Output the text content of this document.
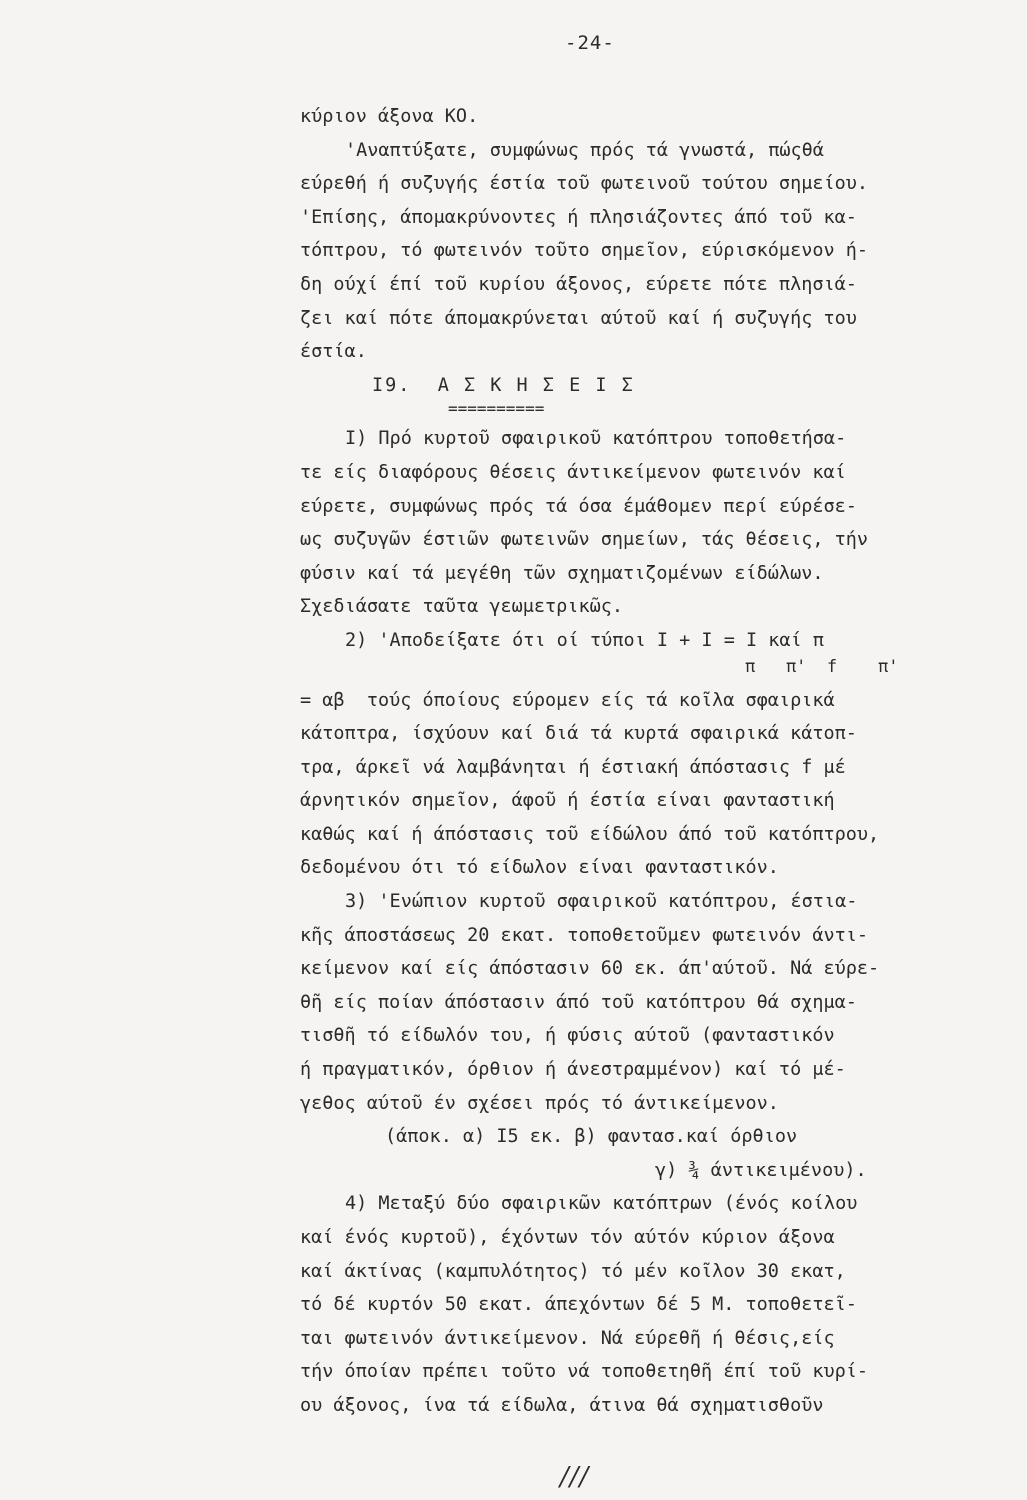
-24-
κύριον άξονα ΚΟ.
'Αναπτύξατε, συμφώνως πρός τά γνωστά, πώςθά
εύρεθή ή συζυγής έστία τοῦ φωτεινοῦ τούτου σημείου.
'Επίσης, άπομακρύνοντες ή πλησιάζοντες άπό τοῦ κα-
τόπτρου, τό φωτεινόν τοῦτο σημεῖον, εύρισκόμενον ή-
δη ούχί έπί τοῦ κυρίου άξονος, εύρετε πότε πλησιά-
ζει καί πότε άπομακρύνεται αύτοῦ καί ή συζυγής του
έστία.
Ι9.  Α Σ Κ Η Σ Ε Ι Σ
==========
Ι) Πρό κυρτοῦ σφαιρικοῦ κατόπτρου τοποθετήσα-
τε είς διαφόρους θέσεις άντικείμενον φωτεινόν καί
εύρετε, συμφώνως πρός τά όσα έμάθομεν περί εύρέσε-
ως συζυγῶν έστιῶν φωτεινῶν σημείων, τάς θέσεις, τήν
φύσιν καί τά μεγέθη τῶν σχηματιζομένων είδώλων.
Σχεδιάσατε ταῦτα γεωμετρικῶς.
2) 'Αποδείξατε ότι οί τύποι Ι + Ι = Ι καί π
π   π'  f    π'
= αβ  τούς όποίους εύρομεν είς τά κοῖλα σφαιρικά
κάτοπτρα, ίσχύουν καί διά τά κυρτά σφαιρικά κάτοπ-
τρα, άρκεῖ νά λαμβάνηται ή έστιακή άπόστασις f μέ
άρνητικόν σημεῖον, άφοῦ ή έστία είναι φανταστική
καθώς καί ή άπόστασις τοῦ είδώλου άπό τοῦ κατόπτρου,
δεδομένου ότι τό είδωλον είναι φανταστικόν.
3) 'Ενώπιον κυρτοῦ σφαιρικοῦ κατόπτρου, έστια-
κῆς άποστάσεως 20 εκατ. τοποθετοῦμεν φωτεινόν άντι-
κείμενον καί είς άπόστασιν 60 εκ. άπ'αύτοῦ. Νά εύρε-
θῆ είς ποίαν άπόστασιν άπό τοῦ κατόπτρου θά σχημα-
τισθῆ τό είδωλόν του, ή φύσις αύτοῦ (φανταστικόν
ή πραγματικόν, όρθιον ή άνεστραμμένον) καί τό μέ-
γεθος αύτοῦ έν σχέσει πρός τό άντικείμενον.
(άποκ. α) Ι5 εκ. β) φαντασ.καί όρθιον
γ) ¾ άντικειμένου).
4) Μεταξύ δύο σφαιρικῶν κατόπτρων (ένός κοίλου
καί ένός κυρτοῦ), έχόντων τόν αύτόν κύριον άξονα
καί άκτίνας (καμπυλότητος) τό μέν κοῖλον 30 εκατ,
τό δέ κυρτόν 50 εκατ. άπεχόντων δέ 5 Μ. τοποθετεῖ-
ται φωτεινόν άντικείμενον. Νά εύρεθῆ ή θέσις,είς
τήν όποίαν πρέπει τοῦτο νά τοποθετηθῆ έπί τοῦ κυρί-
ου άξονος, ίνα τά είδωλα, άτινα θά σχηματισθοῦν
///
